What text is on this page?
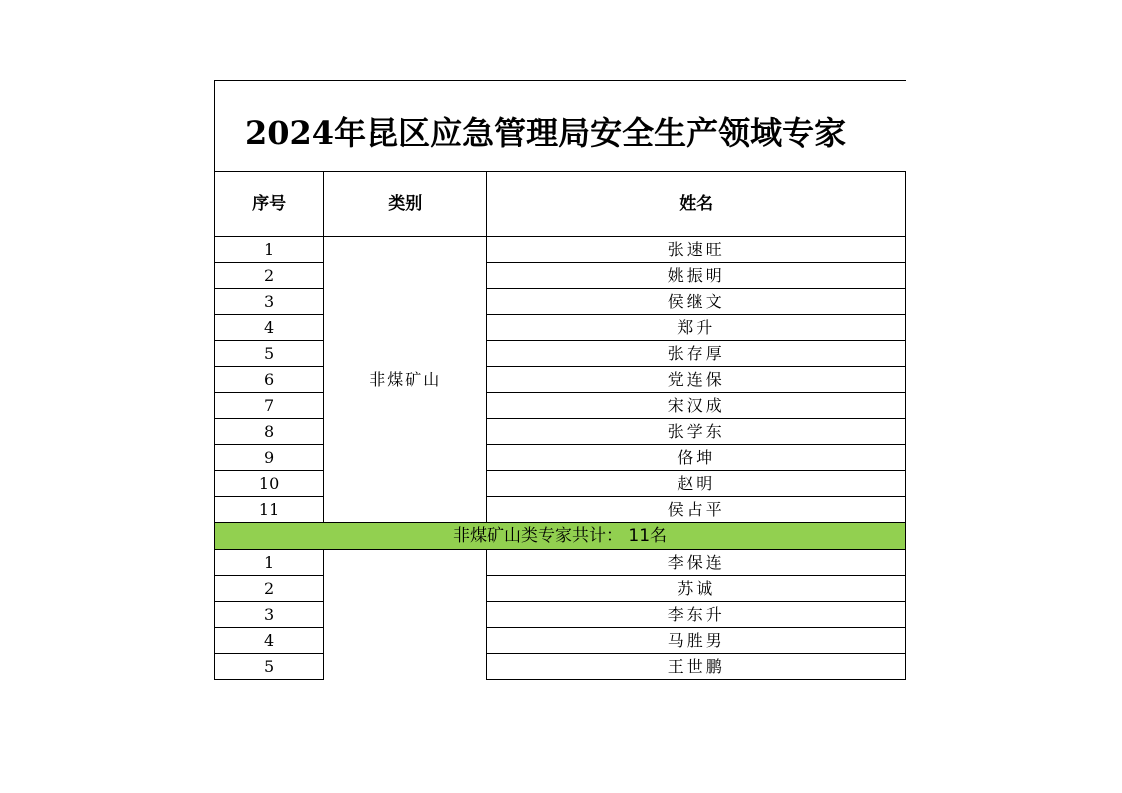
2024年昆区应急管理局安全生产领域专家
序号	类别	姓名
1	非煤矿山	张速旺
2		姚振明
3		侯继文
4		郑升
5		张存厚
6		党连保
7		宋汉成
8		张学东
9		佫坤
10		赵明
11		侯占平
非煤矿山类专家共计： 11名		
1		李保连
2		苏诚
3		李东升
4		马胜男
5		王世鹏
